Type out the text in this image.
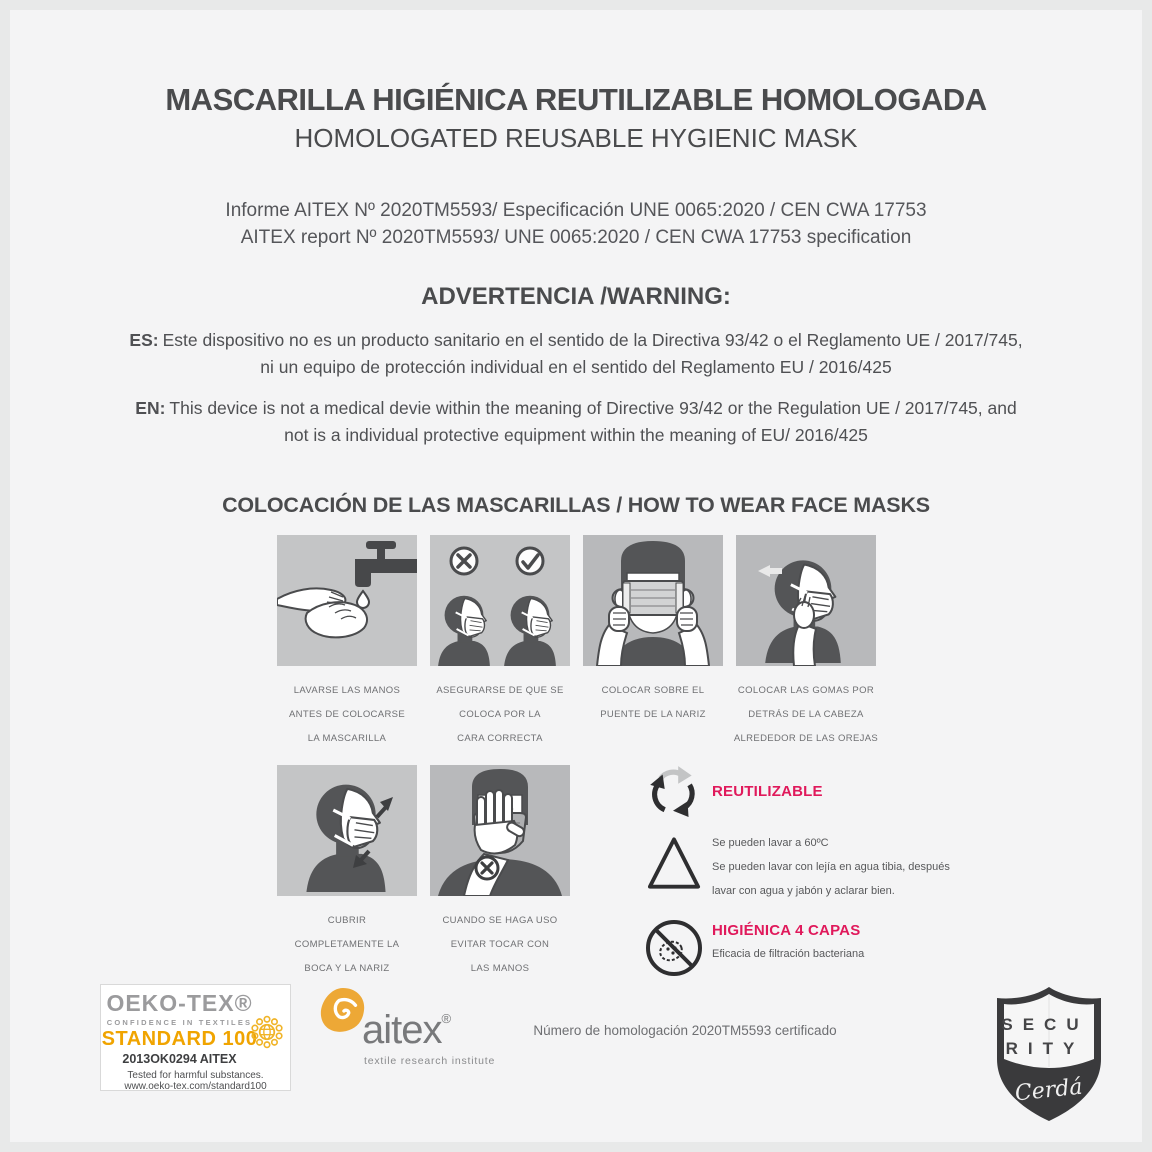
MASCARILLA HIGIÉNICA REUTILIZABLE HOMOLOGADA
HOMOLOGATED REUSABLE HYGIENIC MASK
Informe AITEX Nº 2020TM5593/ Especificación UNE 0065:2020 / CEN CWA 17753
AITEX report Nº 2020TM5593/ UNE 0065:2020 / CEN CWA 17753 specification
ADVERTENCIA /WARNING:
ES: Este dispositivo no es un producto sanitario en el sentido de la Directiva 93/42 o el Reglamento UE / 2017/745,
ni un equipo de protección individual en el sentido del Reglamento EU / 2016/425
EN: This device is not a medical devie within the meaning of Directive 93/42 or the Regulation UE / 2017/745, and
not is a individual protective equipment within the meaning of EU/ 2016/425
COLOCACIÓN DE LAS MASCARILLAS / HOW TO WEAR FACE MASKS
LAVARSE LAS MANOS
ANTES DE COLOCARSE
LA MASCARILLA
ASEGURARSE DE QUE SE
COLOCA POR LA
CARA CORRECTA
COLOCAR SOBRE EL
PUENTE DE LA NARIZ
COLOCAR LAS GOMAS POR
DETRÁS DE LA CABEZA
ALREDEDOR DE LAS OREJAS
CUBRIR
COMPLETAMENTE LA
BOCA Y LA NARIZ
CUANDO SE HAGA USO
EVITAR TOCAR CON
LAS MANOS
REUTILIZABLE
Se pueden lavar a 60ºC
Se pueden lavar con lejía en agua tibia, después
lavar con agua y jabón y aclarar bien.
HIGIÉNICA 4 CAPAS
Eficacia de filtración bacteriana
OEKO-TEX®
CONFIDENCE IN TEXTILES
STANDARD 100
2013OK0294 AITEX
Tested for harmful substances.
www.oeko-tex.com/standard100
aitex®
textile research institute
Número de homologación 2020TM5593 certificado	SECU
RITY
Cerdá
